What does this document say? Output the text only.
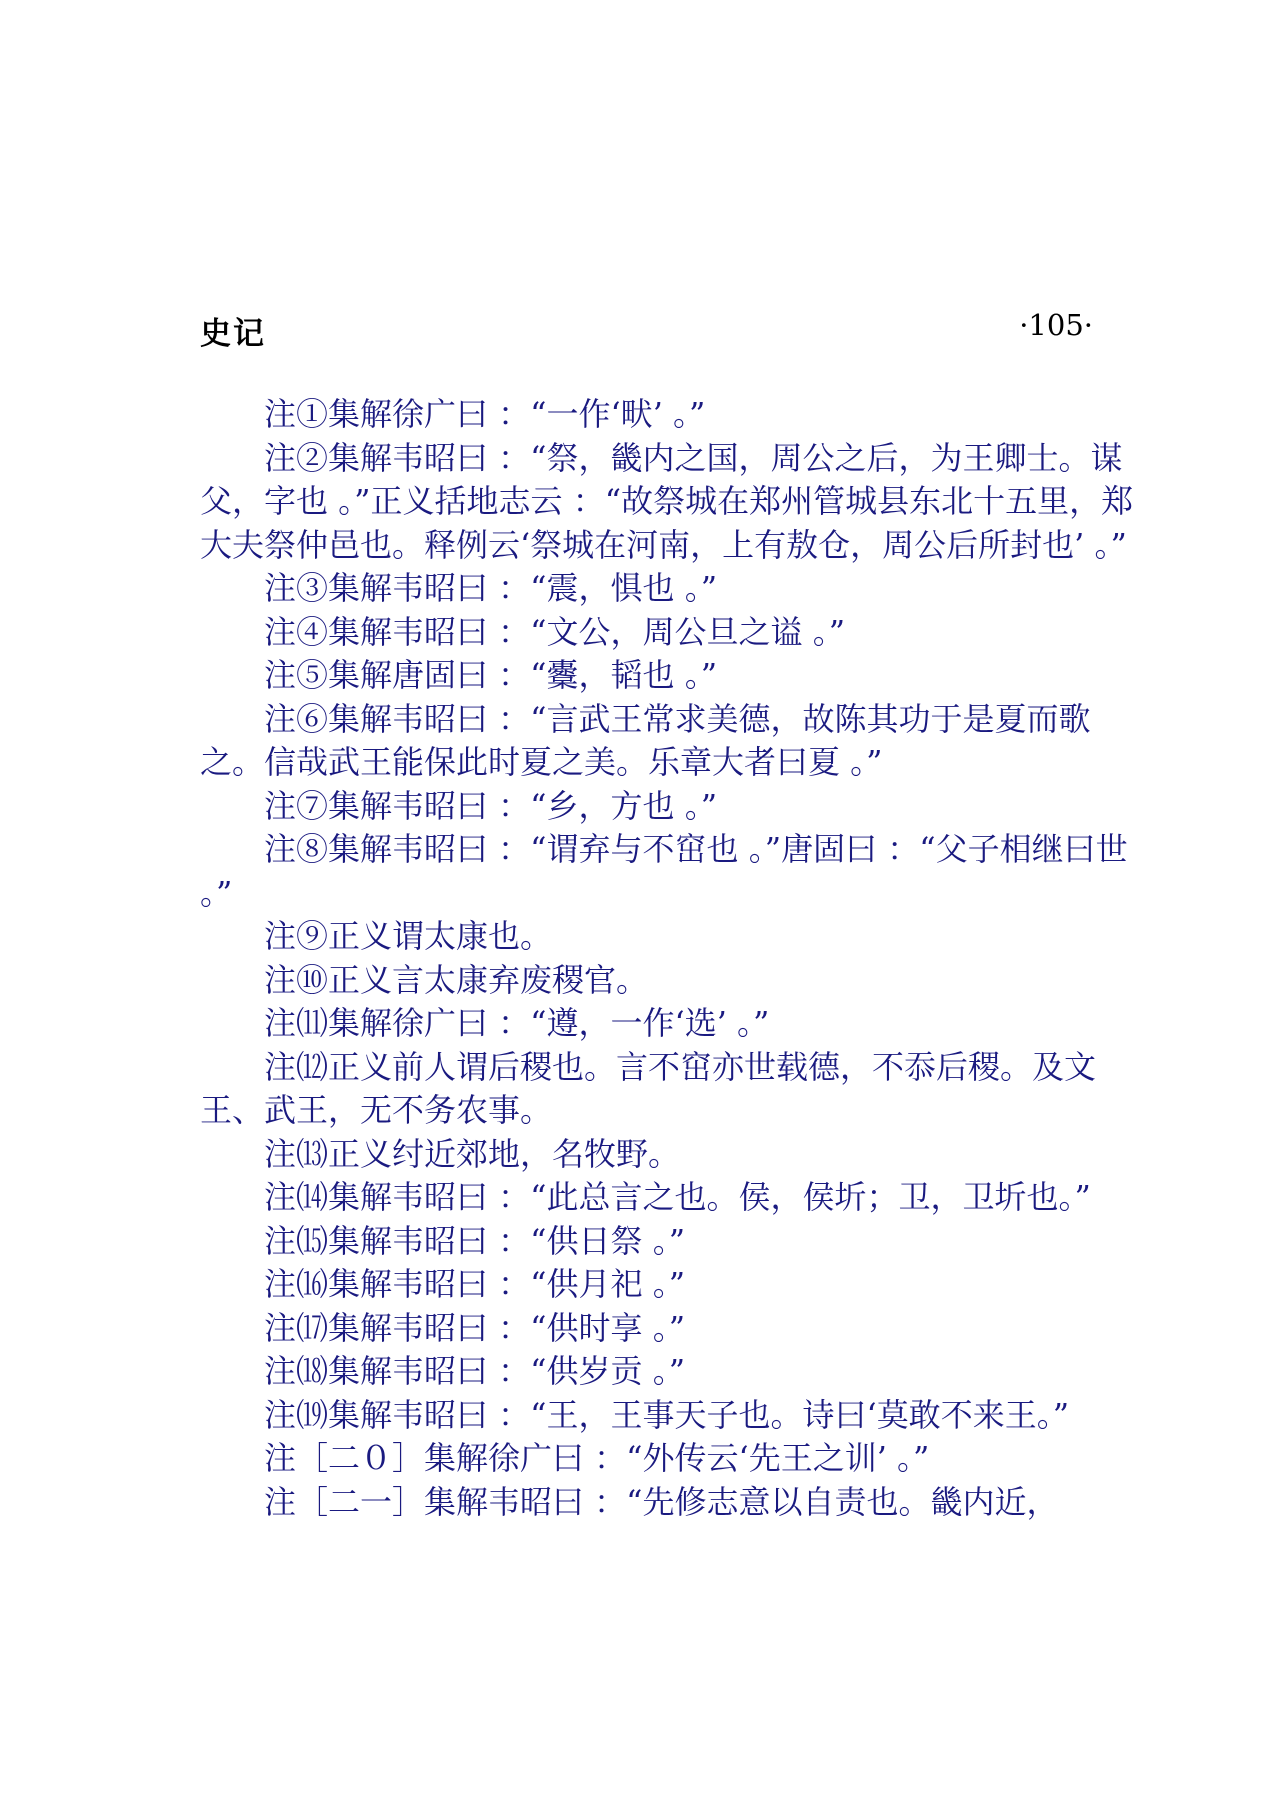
史记	·105·

注①集解徐广曰 ：“一作‘畎’ 。”

注②集解韦昭曰 ：“祭，畿内之国，周公之后，为王卿士。谋父，字也 。”正义括地志云 ：“故祭城在郑州管城县东北十五里，郑大夫祭仲邑也。释例云‘祭城在河南，上有敖仓，周公后所封也’ 。”

注③集解韦昭曰 ：“震，惧也 。”

注④集解韦昭曰 ：“文公，周公旦之谥 。”

注⑤集解唐固曰 ：“櫜，韬也 。”

注⑥集解韦昭曰 ：“言武王常求美德，故陈其功于是夏而歌之。信哉武王能保此时夏之美。乐章大者曰夏 。”

注⑦集解韦昭曰 ：“乡，方也 。”

注⑧集解韦昭曰 ：“谓弃与不窋也 。”唐固曰 ：“父子相继曰世 。”

注⑨正义谓太康也。

注⑩正义言太康弃废稷官。

注⑾集解徐广曰 ：“遵，一作‘选’ 。”

注⑿正义前人谓后稷也。言不窋亦世载德，不忝后稷。及文王、武王，无不务农事。

注⒀正义纣近郊地，名牧野。

注⒁集解韦昭曰 ：“此总言之也。侯，侯圻；卫，卫圻也。”

注⒂集解韦昭曰 ：“供日祭 。”

注⒃集解韦昭曰 ：“供月祀 。”

注⒄集解韦昭曰 ：“供时享 。”

注⒅集解韦昭曰 ：“供岁贡 。”

注⒆集解韦昭曰 ：“王，王事天子也。诗曰‘莫敢不来王。”

注［二０］集解徐广曰 ：“外传云‘先王之训’ 。”

注［二一］集解韦昭曰 ：“先修志意以自责也。畿内近，
